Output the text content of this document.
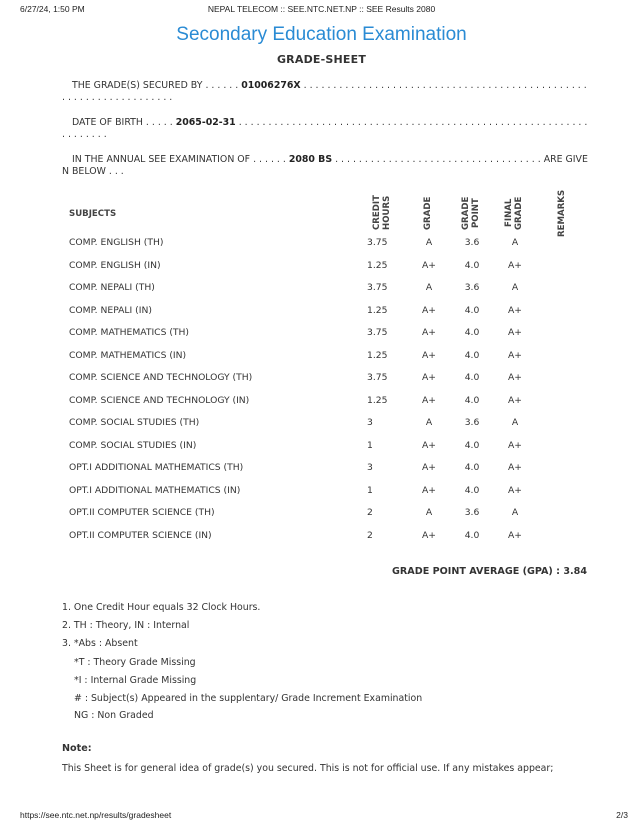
6/27/24, 1:50 PM	NEPAL TELECOM :: SEE.NTC.NET.NP :: SEE Results 2080
Secondary Education Examination
GRADE-SHEET
THE GRADE(S) SECURED BY . . . . . . 01006276X . . . . . . . . . . . . . . . . . . . . . . . . . . . . . . . . . . . . . . . . . . . . . . . . . . . . . . . . . . . . . . . . . . .
DATE OF BIRTH . . . . . 2065-02-31 . . . . . . . . . . . . . . . . . . . . . . . . . . . . . . . . . . . . . . . . . . . . . . . . . . . . . . . . . . . . . . . . . . .
IN THE ANNUAL SEE EXAMINATION OF . . . . . . 2080 BS . . . . . . . . . . . . . . . . . . . . . . . . . . . . . . . . . . . ARE GIVEN BELOW . . .
SUBJECTS	CREDIT HOURS	GRADE	GRADE POINT	FINAL GRADE	REMARKS
COMP. ENGLISH (TH)	3.75	A	3.6	A
COMP. ENGLISH (IN)	1.25	A+	4.0	A+
COMP. NEPALI (TH)	3.75	A	3.6	A
COMP. NEPALI (IN)	1.25	A+	4.0	A+
COMP. MATHEMATICS (TH)	3.75	A+	4.0	A+
COMP. MATHEMATICS (IN)	1.25	A+	4.0	A+
COMP. SCIENCE AND TECHNOLOGY (TH)	3.75	A+	4.0	A+
COMP. SCIENCE AND TECHNOLOGY (IN)	1.25	A+	4.0	A+
COMP. SOCIAL STUDIES (TH)	3	A	3.6	A
COMP. SOCIAL STUDIES (IN)	1	A+	4.0	A+
OPT.I ADDITIONAL MATHEMATICS (TH)	3	A+	4.0	A+
OPT.I ADDITIONAL MATHEMATICS (IN)	1	A+	4.0	A+
OPT.II COMPUTER SCIENCE (TH)	2	A	3.6	A
OPT.II COMPUTER SCIENCE (IN)	2	A+	4.0	A+
GRADE POINT AVERAGE (GPA) : 3.84
1. One Credit Hour equals 32 Clock Hours.
2. TH : Theory, IN : Internal
3. *Abs : Absent
*T : Theory Grade Missing
*I : Internal Grade Missing
# : Subject(s) Appeared in the supplentary/ Grade Increment Examination
NG : Non Graded
Note:
This Sheet is for general idea of grade(s) you secured. This is not for official use. If any mistakes appear;
https://see.ntc.net.np/results/gradesheet	2/3
